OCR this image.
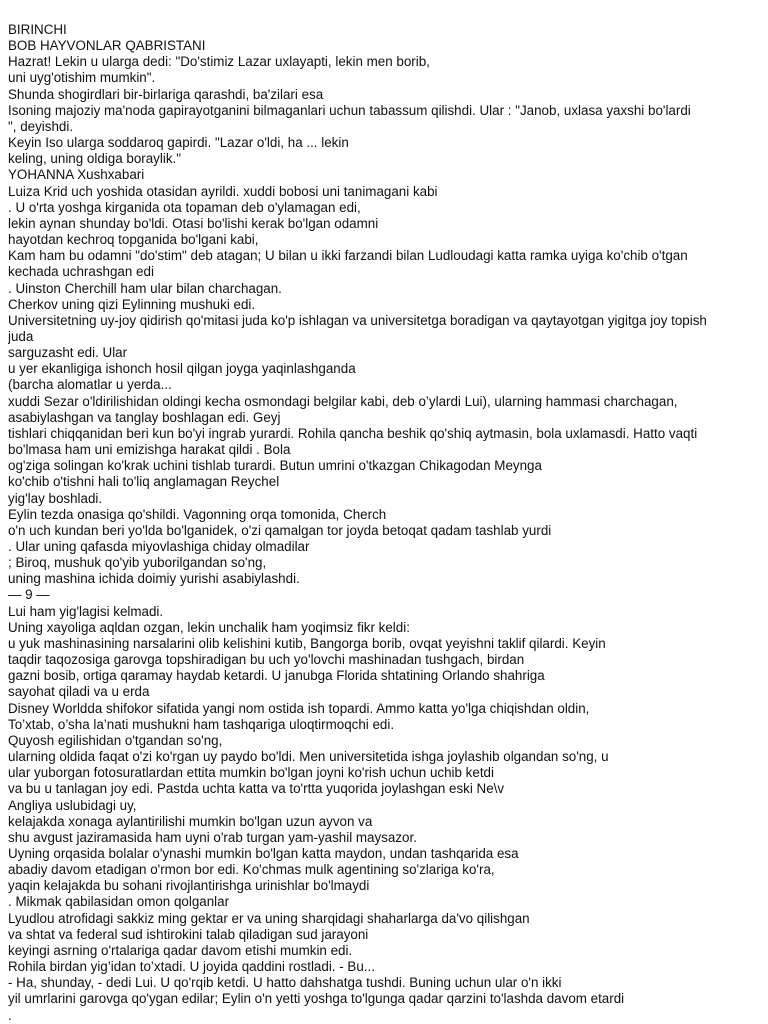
BIRINCHI
BOB HAYVONLAR QABRISTANI
Hazrat! Lekin u ularga dedi: "Do'stimiz Lazar uxlayapti, lekin men borib,
uni uyg'otishim mumkin".
Shunda shogirdlari bir-birlariga qarashdi, ba'zilari esa
Isoning majoziy ma'noda gapirayotganini bilmaganlari uchun tabassum qilishdi. Ular : "Janob, uxlasa yaxshi bo'lardi
", deyishdi.
Keyin Iso ularga soddaroq gapirdi. "Lazar o'ldi, ha ... lekin
keling, uning oldiga boraylik."
YOHANNA Xushxabari
Luiza Krid uch yoshida otasidan ayrildi. xuddi bobosi uni tanimagani kabi
. U o'rta yoshga kirganida ota topaman deb o'ylamagan edi,
lekin aynan shunday bo'ldi. Otasi bo'lishi kerak bo'lgan odamni
hayotdan kechroq topganida bo'lgani kabi,
Kam ham bu odamni "do'stim" deb atagan; U bilan u ikki farzandi bilan Ludloudagi katta ramka uyiga ko'chib o'tgan
kechada uchrashgan edi
. Uinston Cherchill ham ular bilan charchagan.
Cherkov uning qizi Eylinning mushuki edi.
Universitetning uy-joy qidirish qo'mitasi juda ko'p ishlagan va universitetga boradigan va qaytayotgan yigitga joy topish
juda
sarguzasht edi. Ular
u yer ekanligiga ishonch hosil qilgan joyga yaqinlashganda
(barcha alomatlar u yerda...
xuddi Sezar o'ldirilishidan oldingi kecha osmondagi belgilar kabi, deb o’ylardi Lui), ularning hammasi charchagan,
asabiylashgan va tanglay boshlagan edi. Geyj
tishlari chiqqanidan beri kun bo'yi ingrab yurardi. Rohila qancha beshik qo'shiq aytmasin, bola uxlamasdi. Hatto vaqti
bo'lmasa ham uni emizishga harakat qildi . Bola
og'ziga solingan ko'krak uchini tishlab turardi. Butun umrini o'tkazgan Chikagodan Meynga
ko'chib o'tishni hali to'liq anglamagan Reychel
yig'lay boshladi.
Eylin tezda onasiga qo'shildi. Vagonning orqa tomonida, Cherch
o'n uch kundan beri yo'lda bo'lganidek, o'zi qamalgan tor joyda betoqat qadam tashlab yurdi
. Ular uning qafasda miyovlashiga chiday olmadilar
; Biroq, mushuk qo'yib yuborilgandan so'ng,
uning mashina ichida doimiy yurishi asabiylashdi.
— 9 —
Lui ham yig'lagisi kelmadi.
Uning xayoliga aqldan ozgan, lekin unchalik ham yoqimsiz fikr keldi:
u yuk mashinasining narsalarini olib kelishini kutib, Bangorga borib, ovqat yeyishni taklif qilardi. Keyin
taqdir taqozosiga garovga topshiradigan bu uch yo'lovchi mashinadan tushgach, birdan
gazni bosib, ortiga qaramay haydab ketardi. U janubga Florida shtatining Orlando shahriga
sayohat qiladi va u erda
Disney Worldda shifokor sifatida yangi nom ostida ish topardi. Ammo katta yo'lga chiqishdan oldin,
To’xtab, o’sha la’nati mushukni ham tashqariga uloqtirmoqchi edi.
Quyosh egilishidan o'tgandan so'ng,
ularning oldida faqat o'zi ko'rgan uy paydo bo'ldi. Men universitetida ishga joylashib olgandan so'ng, u
ular yuborgan fotosuratlardan ettita mumkin bo'lgan joyni ko'rish uchun uchib ketdi
va bu u tanlagan joy edi. Pastda uchta katta va to'rtta yuqorida joylashgan eski Ne\v
Angliya uslubidagi uy,
kelajakda xonaga aylantirilishi mumkin bo'lgan uzun ayvon va
shu avgust jaziramasida ham uyni o'rab turgan yam-yashil maysazor.
Uyning orqasida bolalar o'ynashi mumkin bo'lgan katta maydon, undan tashqarida esa
abadiy davom etadigan o'rmon bor edi. Ko'chmas mulk agentining so'zlariga ko'ra,
yaqin kelajakda bu sohani rivojlantirishga urinishlar bo'lmaydi
. Mikmak qabilasidan omon qolganlar
Lyudlou atrofidagi sakkiz ming gektar er va uning sharqidagi shaharlarga da'vo qilishgan
va shtat va federal sud ishtirokini talab qiladigan sud jarayoni
keyingi asrning o'rtalariga qadar davom etishi mumkin edi.
Rohila birdan yig’idan to’xtadi. U joyida qaddini rostladi. - Bu...
- Ha, shunday, - dedi Lui. U qo'rqib ketdi. U hatto dahshatga tushdi. Buning uchun ular o'n ikki
yil umrlarini garovga qo'ygan edilar; Eylin o'n yetti yoshga to'lgunga qadar qarzini to'lashda davom etardi
.
